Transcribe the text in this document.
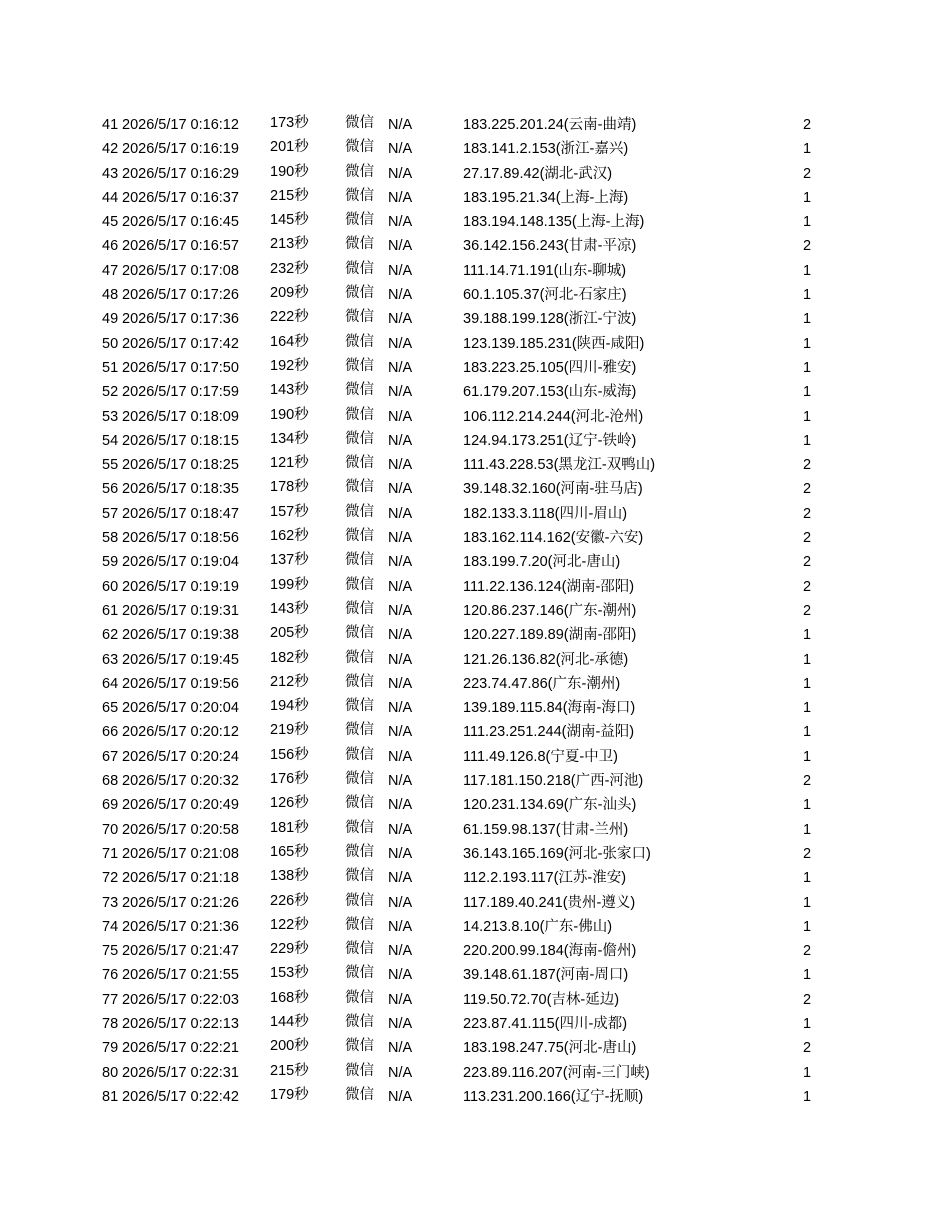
41 2026/5/17 0:16:12 173秒	微信 N/A	183.225.201.24(云南-曲靖)	2
42 2026/5/17 0:16:19 201秒	微信 N/A	183.141.2.153(浙江-嘉兴)	1
43 2026/5/17 0:16:29 190秒	微信 N/A	27.17.89.42(湖北-武汉)	2
44 2026/5/17 0:16:37 215秒	微信 N/A	183.195.21.34(上海-上海)	1
45 2026/5/17 0:16:45 145秒	微信 N/A	183.194.148.135(上海-上海)	1
46 2026/5/17 0:16:57 213秒	微信 N/A	36.142.156.243(甘肃-平凉)	2
47 2026/5/17 0:17:08 232秒	微信 N/A	111.14.71.191(山东-聊城)	1
48 2026/5/17 0:17:26 209秒	微信 N/A	60.1.105.37(河北-石家庄)	1
49 2026/5/17 0:17:36 222秒	微信 N/A	39.188.199.128(浙江-宁波)	1
50 2026/5/17 0:17:42 164秒	微信 N/A	123.139.185.231(陕西-咸阳)	1
51 2026/5/17 0:17:50 192秒	微信 N/A	183.223.25.105(四川-雅安)	1
52 2026/5/17 0:17:59 143秒	微信 N/A	61.179.207.153(山东-威海)	1
53 2026/5/17 0:18:09 190秒	微信 N/A	106.112.214.244(河北-沧州)	1
54 2026/5/17 0:18:15 134秒	微信 N/A	124.94.173.251(辽宁-铁岭)	1
55 2026/5/17 0:18:25 121秒	微信 N/A	111.43.228.53(黑龙江-双鸭山)	2
56 2026/5/17 0:18:35 178秒	微信 N/A	39.148.32.160(河南-驻马店)	2
57 2026/5/17 0:18:47 157秒	微信 N/A	182.133.3.118(四川-眉山)	2
58 2026/5/17 0:18:56 162秒	微信 N/A	183.162.114.162(安徽-六安)	2
59 2026/5/17 0:19:04 137秒	微信 N/A	183.199.7.20(河北-唐山)	2
60 2026/5/17 0:19:19 199秒	微信 N/A	111.22.136.124(湖南-邵阳)	2
61 2026/5/17 0:19:31 143秒	微信 N/A	120.86.237.146(广东-潮州)	2
62 2026/5/17 0:19:38 205秒	微信 N/A	120.227.189.89(湖南-邵阳)	1
63 2026/5/17 0:19:45 182秒	微信 N/A	121.26.136.82(河北-承德)	1
64 2026/5/17 0:19:56 212秒	微信 N/A	223.74.47.86(广东-潮州)	1
65 2026/5/17 0:20:04 194秒	微信 N/A	139.189.115.84(海南-海口)	1
66 2026/5/17 0:20:12 219秒	微信 N/A	111.23.251.244(湖南-益阳)	1
67 2026/5/17 0:20:24 156秒	微信 N/A	111.49.126.8(宁夏-中卫)	1
68 2026/5/17 0:20:32 176秒	微信 N/A	117.181.150.218(广西-河池)	2
69 2026/5/17 0:20:49 126秒	微信 N/A	120.231.134.69(广东-汕头)	1
70 2026/5/17 0:20:58 181秒	微信 N/A	61.159.98.137(甘肃-兰州)	1
71 2026/5/17 0:21:08 165秒	微信 N/A	36.143.165.169(河北-张家口)	2
72 2026/5/17 0:21:18 138秒	微信 N/A	112.2.193.117(江苏-淮安)	1
73 2026/5/17 0:21:26 226秒	微信 N/A	117.189.40.241(贵州-遵义)	1
74 2026/5/17 0:21:36 122秒	微信 N/A	14.213.8.10(广东-佛山)	1
75 2026/5/17 0:21:47 229秒	微信 N/A	220.200.99.184(海南-儋州)	2
76 2026/5/17 0:21:55 153秒	微信 N/A	39.148.61.187(河南-周口)	1
77 2026/5/17 0:22:03 168秒	微信 N/A	119.50.72.70(吉林-延边)	2
78 2026/5/17 0:22:13 144秒	微信 N/A	223.87.41.115(四川-成都)	1
79 2026/5/17 0:22:21 200秒	微信 N/A	183.198.247.75(河北-唐山)	2
80 2026/5/17 0:22:31 215秒	微信 N/A	223.89.116.207(河南-三门峡)	1
81 2026/5/17 0:22:42 179秒	微信 N/A	113.231.200.166(辽宁-抚顺)	1
